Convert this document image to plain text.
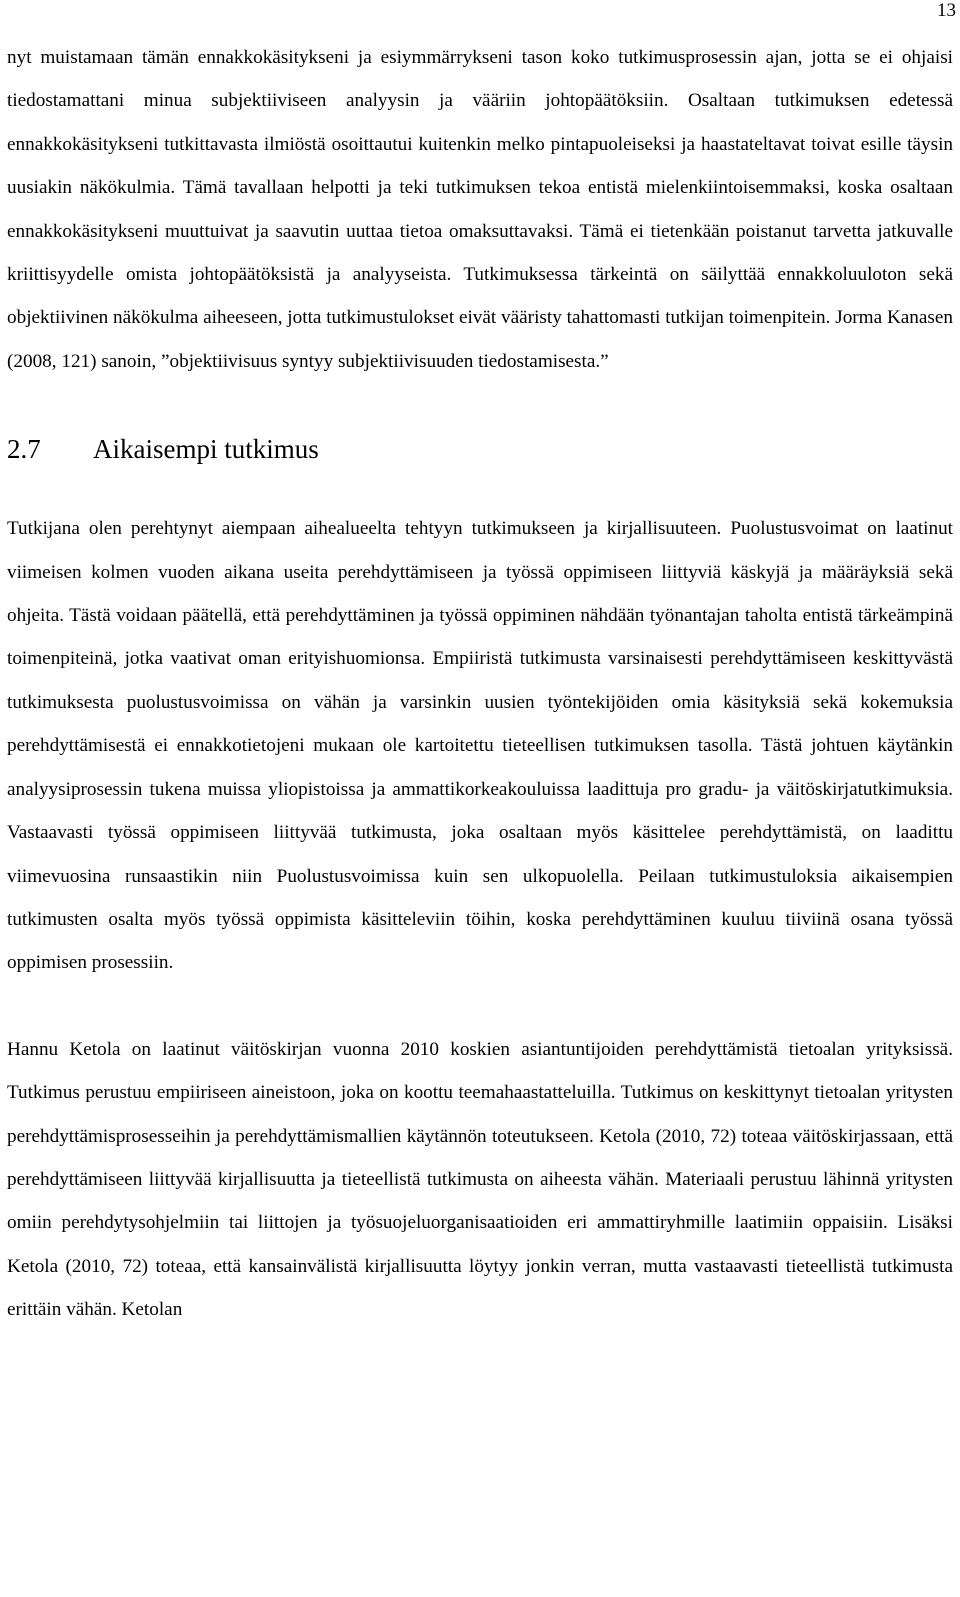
13

nyt muistamaan tämän ennakkokäsitykseni ja esiymmärrykseni tason koko tutkimusprosessin ajan, jotta se ei ohjaisi tiedostamattani minua subjektiiviseen analyysin ja vääriin johtopäätöksiin. Osaltaan tutkimuksen edetessä ennakkokäsitykseni tutkittavasta ilmiöstä osoittautui kuitenkin melko pintapuoleiseksi ja haastateltavat toivat esille täysin uusiakin näkökulmia. Tämä tavallaan helpotti ja teki tutkimuksen tekoa entistä mielenkiintoisemmaksi, koska osaltaan ennakkokäsitykseni muuttuivat ja saavutin uuttaa tietoa omaksuttavaksi. Tämä ei tietenkään poistanut tarvetta jatkuvalle kriittisyydelle omista johtopäätöksistä ja analyyseista. Tutkimuksessa tärkeintä on säilyttää ennakkoluuloton sekä objektiivinen näkökulma aiheeseen, jotta tutkimustulokset eivät vääristy tahattomasti tutkijan toimenpitein. Jorma Kanasen (2008, 121) sanoin, ”objektiivisuus syntyy subjektiivisuuden tiedostamisesta.”

2.7 Aikaisempi tutkimus

Tutkijana olen perehtynyt aiempaan aihealueelta tehtyyn tutkimukseen ja kirjallisuuteen. Puolustusvoimat on laatinut viimeisen kolmen vuoden aikana useita perehdyttämiseen ja työssä oppimiseen liittyviä käskyjä ja määräyksiä sekä ohjeita. Tästä voidaan päätellä, että perehdyttäminen ja työssä oppiminen nähdään työnantajan taholta entistä tärkeämpinä toimenpiteinä, jotka vaativat oman erityishuomionsa. Empiiristä tutkimusta varsinaisesti perehdyttämiseen keskittyvästä tutkimuksesta puolustusvoimissa on vähän ja varsinkin uusien työntekijöiden omia käsityksiä sekä kokemuksia perehdyttämisestä ei ennakkotietojeni mukaan ole kartoitettu tieteellisen tutkimuksen tasolla. Tästä johtuen käytänkin analyysiprosessin tukena muissa yliopistoissa ja ammattikorkeakouluissa laadittuja pro gradu- ja väitöskirjatutkimuksia. Vastaavasti työssä oppimiseen liittyvää tutkimusta, joka osaltaan myös käsittelee perehdyttämistä, on laadittu viimevuosina runsaastikin niin Puolustusvoimissa kuin sen ulkopuolella. Peilaan tutkimustuloksia aikaisempien tutkimusten osalta myös työssä oppimista käsitteleviin töihin, koska perehdyttäminen kuuluu tiiviinä osana työssä oppimisen prosessiin.

Hannu Ketola on laatinut väitöskirjan vuonna 2010 koskien asiantuntijoiden perehdyttämistä tietoalan yrityksissä. Tutkimus perustuu empiiriseen aineistoon, joka on koottu teemahaastatteluilla. Tutkimus on keskittynyt tietoalan yritysten perehdyttämisprosesseihin ja perehdyttämismallien käytännön toteutukseen. Ketola (2010, 72) toteaa väitöskirjassaan, että perehdyttämiseen liittyvää kirjallisuutta ja tieteellistä tutkimusta on aiheesta vähän. Materiaali perustuu lähinnä yritysten omiin perehdytysohjelmiin tai liittojen ja työsuojeluorganisaatioiden eri ammattiryhmille laatimiin oppaisiin. Lisäksi Ketola (2010, 72) toteaa, että kansainvälistä kirjallisuutta löytyy jonkin verran, mutta vastaavasti tieteellistä tutkimusta erittäin vähän. Ketolan
